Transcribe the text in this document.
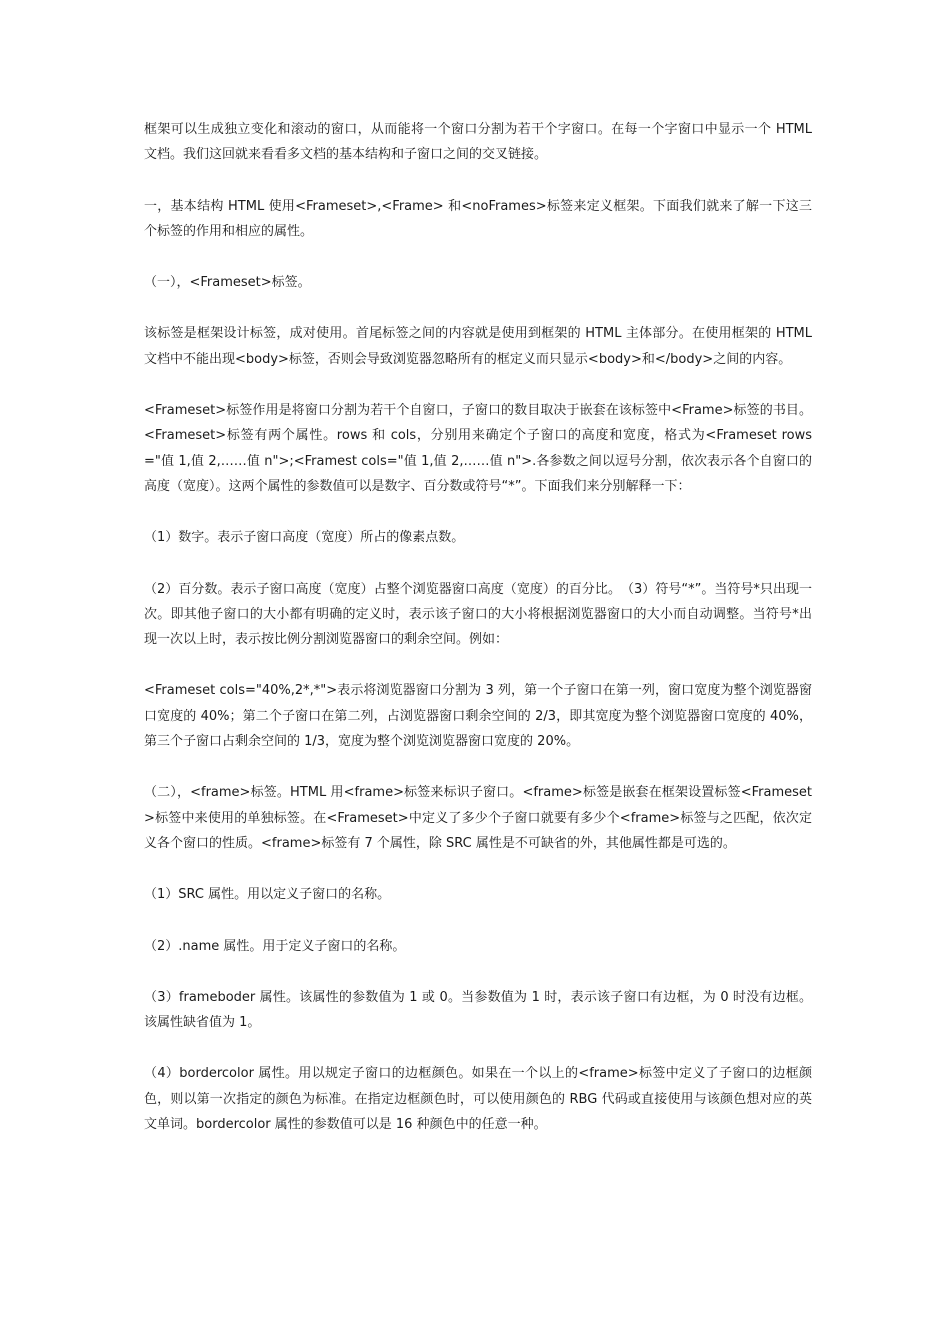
框架可以生成独立变化和滚动的窗口，从而能将一个窗口分割为若干个字窗口。在每一个字窗口中显示一个 HTML 文档。我们这回就来看看多文档的基本结构和子窗口之间的交叉链接。

一，基本结构 HTML 使用<Frameset>,<Frame> 和<noFrames>标签来定义框架。下面我们就来了解一下这三个标签的作用和相应的属性。

（一），<Frameset>标签。

该标签是框架设计标签，成对使用。首尾标签之间的内容就是使用到框架的 HTML 主体部分。在使用框架的 HTML 文档中不能出现<body>标签，否则会导致浏览器忽略所有的框定义而只显示<body>和</body>之间的内容。

<Frameset>标签作用是将窗口分割为若干个自窗口，子窗口的数目取决于嵌套在该标签中<Frame>标签的书目。<Frameset>标签有两个属性。rows 和 cols，分别用来确定个子窗口的高度和宽度，格式为<Frameset rows="值 1,值 2,……值 n">;<Framest cols="值 1,值 2,……值 n">.各参数之间以逗号分割，依次表示各个自窗口的高度（宽度）。这两个属性的参数值可以是数字、百分数或符号“*”。下面我们来分别解释一下：

（1）数字。表示子窗口高度（宽度）所占的像素点数。

（2）百分数。表示子窗口高度（宽度）占整个浏览器窗口高度（宽度）的百分比。　（3）符号“*”。当符号*只出现一次。即其他子窗口的大小都有明确的定义时，表示该子窗口的大小将根据浏览器窗口的大小而自动调整。当符号*出现一次以上时，表示按比例分割浏览器窗口的剩余空间。例如：

<Frameset cols="40%,2*,*">表示将浏览器窗口分割为 3 列，第一个子窗口在第一列，窗口宽度为整个浏览器窗口宽度的 40%；第二个子窗口在第二列，占浏览器窗口剩余空间的 2/3，即其宽度为整个浏览器窗口宽度的 40%，第三个子窗口占剩余空间的 1/3，宽度为整个浏览浏览器窗口宽度的 20%。

（二），<frame>标签。HTML 用<frame>标签来标识子窗口。<frame>标签是嵌套在框架设置标签<Frameset>标签中来使用的单独标签。在<Frameset>中定义了多少个子窗口就要有多少个<frame>标签与之匹配，依次定义各个窗口的性质。<frame>标签有 7 个属性，除 SRC 属性是不可缺省的外，其他属性都是可选的。

（1）SRC 属性。用以定义子窗口的名称。

（2）.name 属性。用于定义子窗口的名称。

（3）frameboder 属性。该属性的参数值为 1 或 0。当参数值为 1 时，表示该子窗口有边框，为 0 时没有边框。该属性缺省值为 1。

（4）bordercolor 属性。用以规定子窗口的边框颜色。如果在一个以上的<frame>标签中定义了子窗口的边框颜色，则以第一次指定的颜色为标准。在指定边框颜色时，可以使用颜色的 RBG 代码或直接使用与该颜色想对应的英文单词。bordercolor 属性的参数值可以是 16 种颜色中的任意一种。
